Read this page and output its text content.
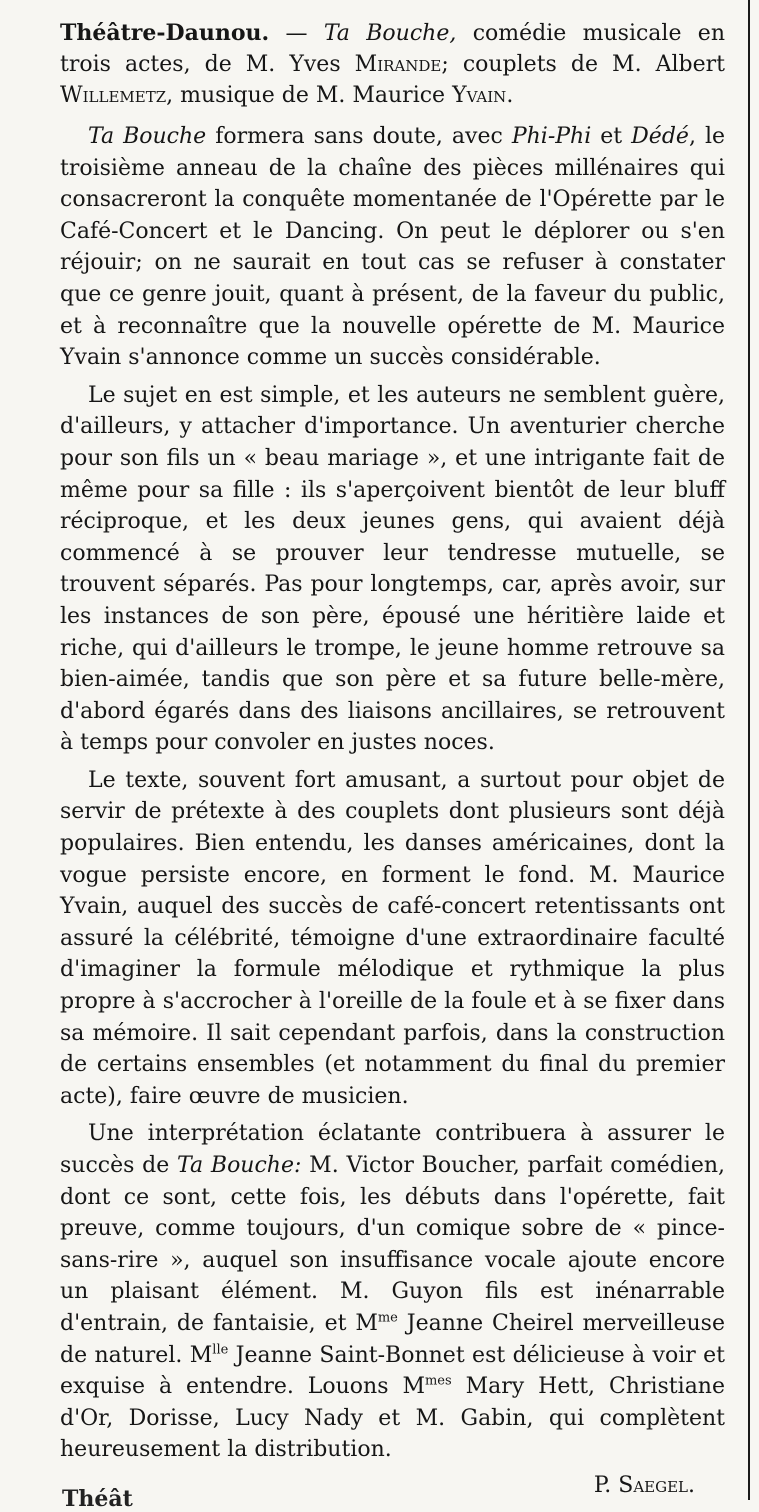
Théâtre-Daunou. — Ta Bouche, comédie musicale en trois actes, de M. Yves Mirande; couplets de M. Albert Willemetz, musique de M. Maurice Yvain.

Ta Bouche formera sans doute, avec Phi-Phi et Dédé, le troisième anneau de la chaîne des pièces millénaires qui consacreront la conquête momentanée de l'Opérette par le Café-Concert et le Dancing. On peut le déplorer ou s'en réjouir; on ne saurait en tout cas se refuser à constater que ce genre jouit, quant à présent, de la faveur du public, et à reconnaître que la nouvelle opérette de M. Maurice Yvain s'annonce comme un succès considérable.

Le sujet en est simple, et les auteurs ne semblent guère, d'ailleurs, y attacher d'importance. Un aventurier cherche pour son fils un « beau mariage », et une intrigante fait de même pour sa fille : ils s'aperçoivent bientôt de leur bluff réciproque, et les deux jeunes gens, qui avaient déjà commencé à se prouver leur tendresse mutuelle, se trouvent séparés. Pas pour longtemps, car, après avoir, sur les instances de son père, épousé une héritière laide et riche, qui d'ailleurs le trompe, le jeune homme retrouve sa bien-aimée, tandis que son père et sa future belle-mère, d'abord égarés dans des liaisons ancillaires, se retrouvent à temps pour convoler en justes noces.

Le texte, souvent fort amusant, a surtout pour objet de servir de prétexte à des couplets dont plusieurs sont déjà populaires. Bien entendu, les danses américaines, dont la vogue persiste encore, en forment le fond. M. Maurice Yvain, auquel des succès de café-concert retentissants ont assuré la célébrité, témoigne d'une extraordinaire faculté d'imaginer la formule mélodique et rythmique la plus propre à s'accrocher à l'oreille de la foule et à se fixer dans sa mémoire. Il sait cependant parfois, dans la construction de certains ensembles (et notamment du final du premier acte), faire œuvre de musicien.

Une interprétation éclatante contribuera à assurer le succès de Ta Bouche: M. Victor Boucher, parfait comédien, dont ce sont, cette fois, les débuts dans l'opérette, fait preuve, comme toujours, d'un comique sobre de « pince-sans-rire », auquel son insuffisance vocale ajoute encore un plaisant élément. M. Guyon fils est inénarrable d'entrain, de fantaisie, et $M^{me}$ Jeanne Cheirel merveilleuse de naturel. $M^{lle}$ Jeanne Saint-Bonnet est délicieuse à voir et exquise à entendre. Louons $M^{mes}$ Mary Hett, Christiane d'Or, Dorisse, Lucy Nady et M. Gabin, qui complètent heureusement la distribution.

P. Saegel.
Théât
